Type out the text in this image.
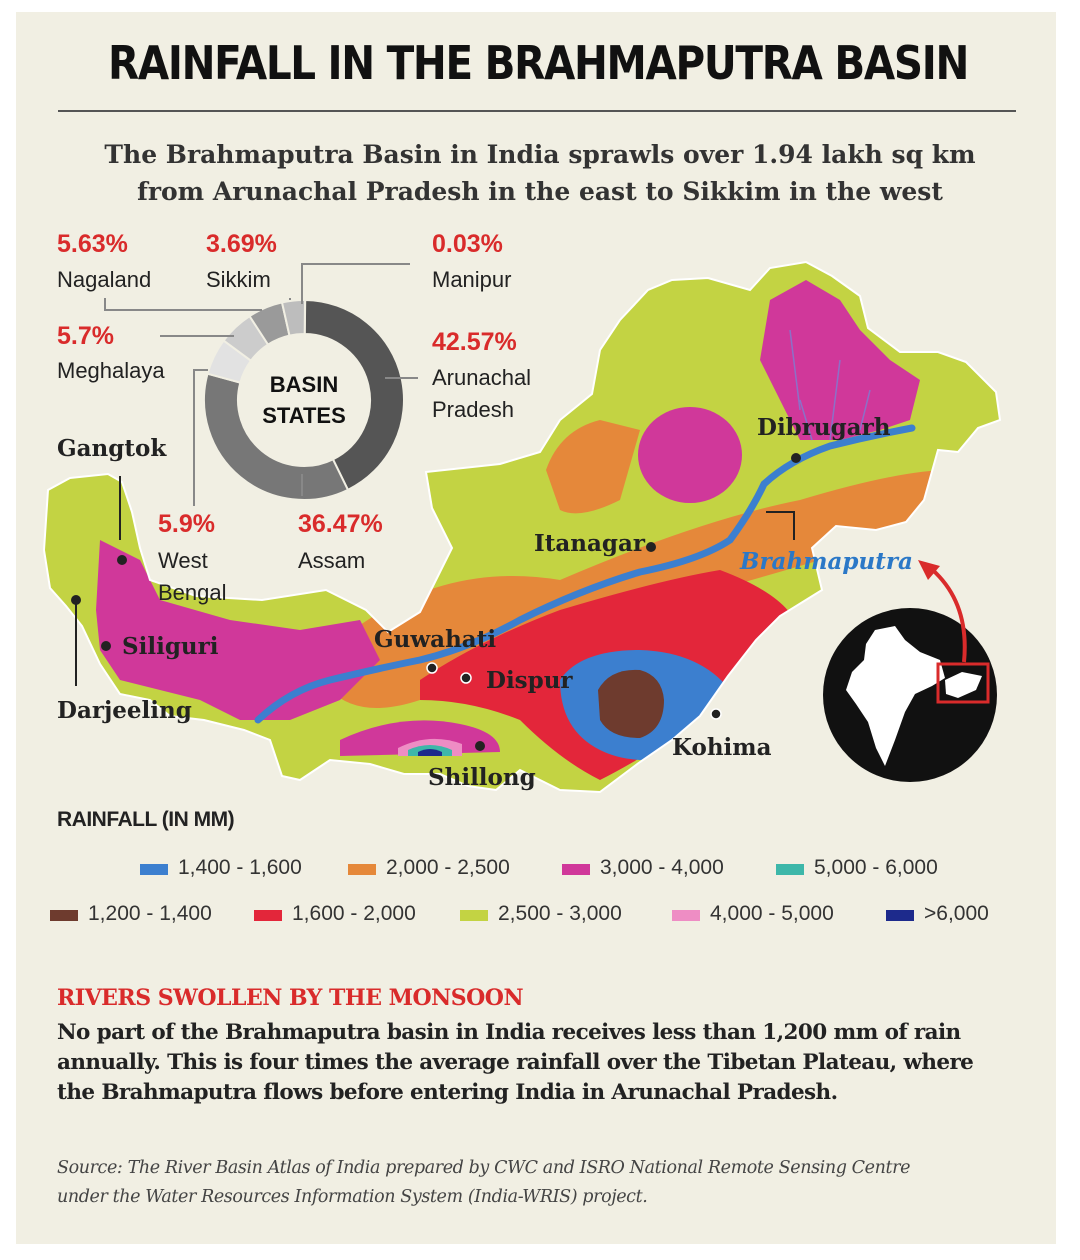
RAINFALL IN THE BRAHMAPUTRA BASIN
The Brahmaputra Basin in India sprawls over 1.94 lakh sq km
from Arunachal Pradesh in the east to Sikkim in the west
BASIN
STATES
5.63%
Nagaland
3.69%
Sikkim
0.03%
Manipur
5.7%
Meghalaya
42.57%
Arunachal
Pradesh
5.9%
West
Bengal
36.47%
Assam
Gangtok
Siliguri
Darjeeling
Guwahati
Dispur
Shillong
Itanagar
Dibrugarh
Kohima
Brahmaputra
RAINFALL (IN MM)
1,400 - 1,600	2,000 - 2,500	3,000 - 4,000	5,000 - 6,000
1,200 - 1,400	1,600 - 2,000	2,500 - 3,000	4,000 - 5,000	>6,000
RIVERS SWOLLEN BY THE MONSOON
No part of the Brahmaputra basin in India receives less than 1,200 mm of rain
annually. This is four times the average rainfall over the Tibetan Plateau, where
the Brahmaputra flows before entering India in Arunachal Pradesh.
Source: The River Basin Atlas of India prepared by CWC and ISRO National Remote Sensing Centre
under the Water Resources Information System (India-WRIS) project.
